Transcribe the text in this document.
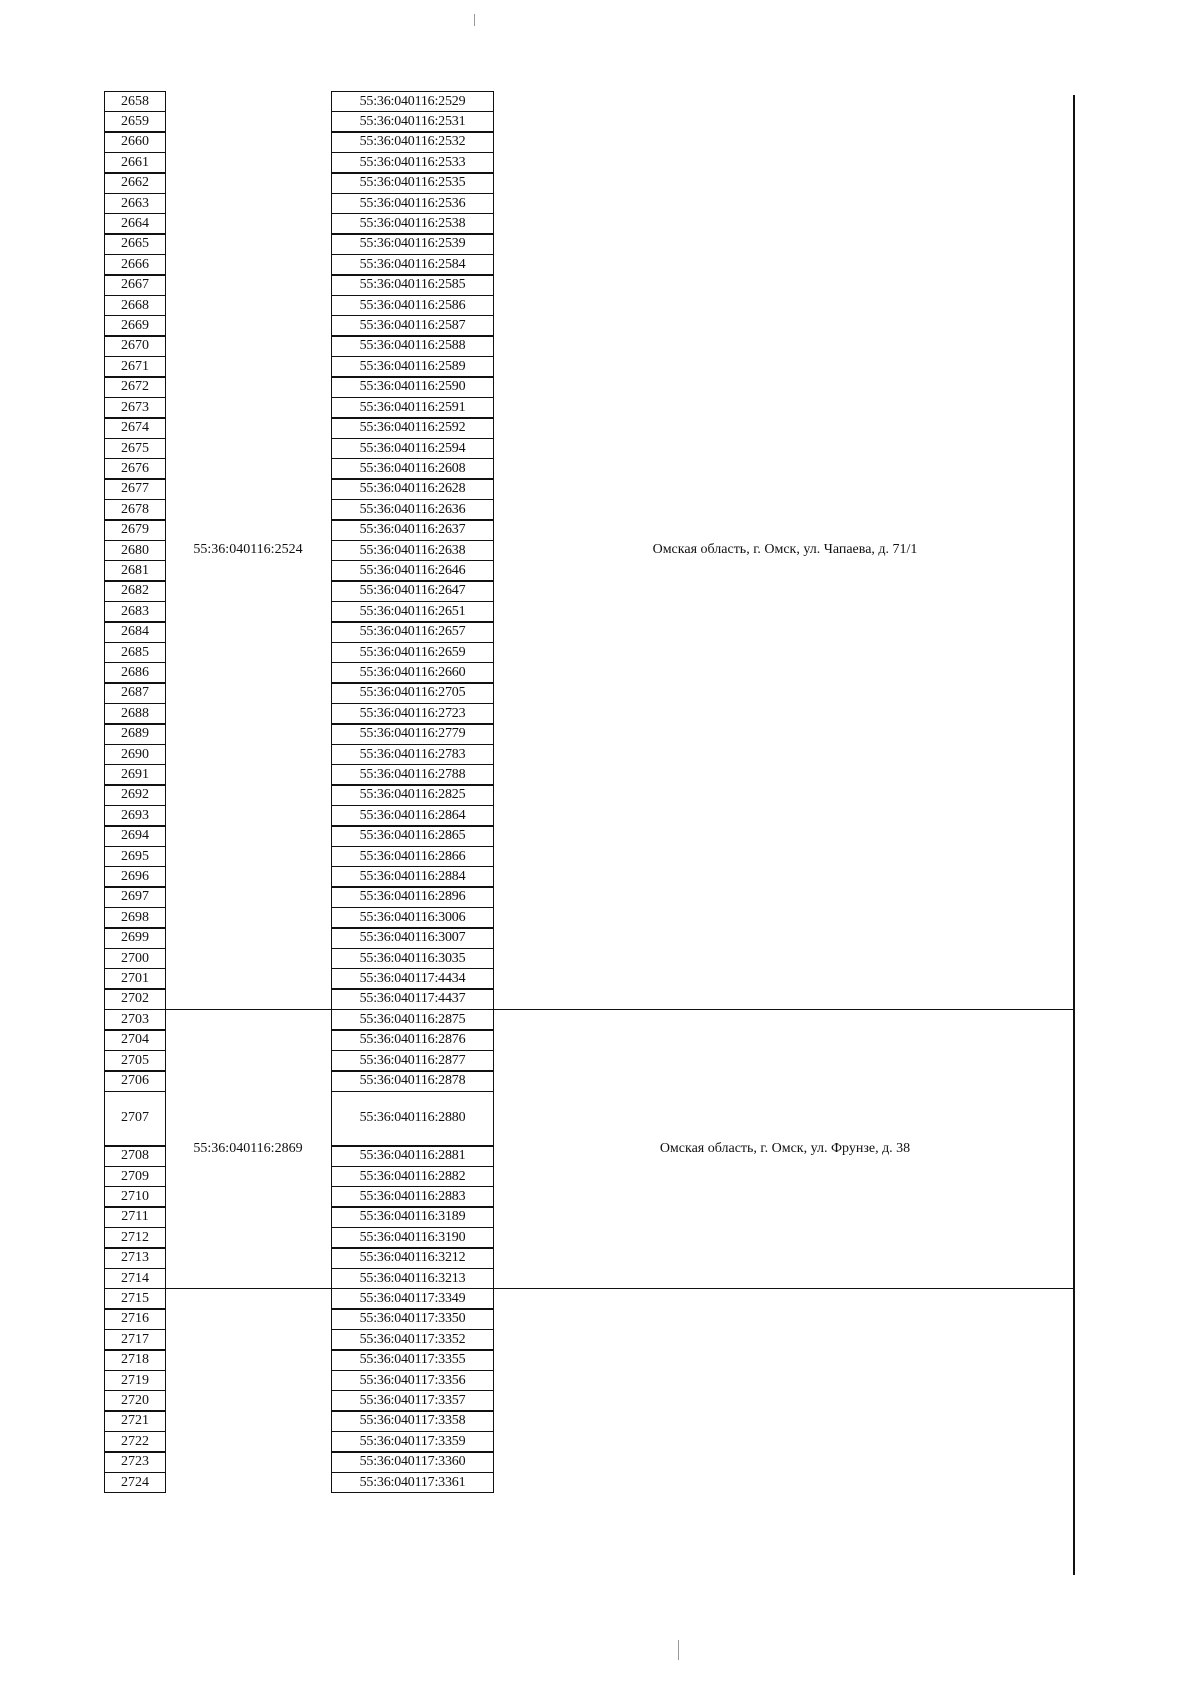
2658
2659
2660
2661
2662
2663
2664
2665
2666
2667
2668
2669
2670
2671
2672
2673
2674
2675
2676
2677
2678
2679
2680
2681
2682
2683
2684
2685
2686
2687
2688
2689
2690
2691
2692
2693
2694
2695
2696
2697
2698
2699
2700
2701
2702
2703
2704
2705
2706
2707
2708
2709
2710
2711
2712
2713
2714
2715
2716
2717
2718
2719
2720
2721
2722
2723
2724
55:36:040116:2529
55:36:040116:2531
55:36:040116:2532
55:36:040116:2533
55:36:040116:2535
55:36:040116:2536
55:36:040116:2538
55:36:040116:2539
55:36:040116:2584
55:36:040116:2585
55:36:040116:2586
55:36:040116:2587
55:36:040116:2588
55:36:040116:2589
55:36:040116:2590
55:36:040116:2591
55:36:040116:2592
55:36:040116:2594
55:36:040116:2608
55:36:040116:2628
55:36:040116:2636
55:36:040116:2637
55:36:040116:2638
55:36:040116:2646
55:36:040116:2647
55:36:040116:2651
55:36:040116:2657
55:36:040116:2659
55:36:040116:2660
55:36:040116:2705
55:36:040116:2723
55:36:040116:2779
55:36:040116:2783
55:36:040116:2788
55:36:040116:2825
55:36:040116:2864
55:36:040116:2865
55:36:040116:2866
55:36:040116:2884
55:36:040116:2896
55:36:040116:3006
55:36:040116:3007
55:36:040116:3035
55:36:040117:4434
55:36:040117:4437
55:36:040116:2875
55:36:040116:2876
55:36:040116:2877
55:36:040116:2878
55:36:040116:2880
55:36:040116:2881
55:36:040116:2882
55:36:040116:2883
55:36:040116:3189
55:36:040116:3190
55:36:040116:3212
55:36:040116:3213
55:36:040117:3349
55:36:040117:3350
55:36:040117:3352
55:36:040117:3355
55:36:040117:3356
55:36:040117:3357
55:36:040117:3358
55:36:040117:3359
55:36:040117:3360
55:36:040117:3361
55:36:040116:2524	Омская область, г. Омск, ул. Чапаева, д. 71/1
55:36:040116:2869	Омская область, г. Омск, ул. Фрунзе, д. 38
